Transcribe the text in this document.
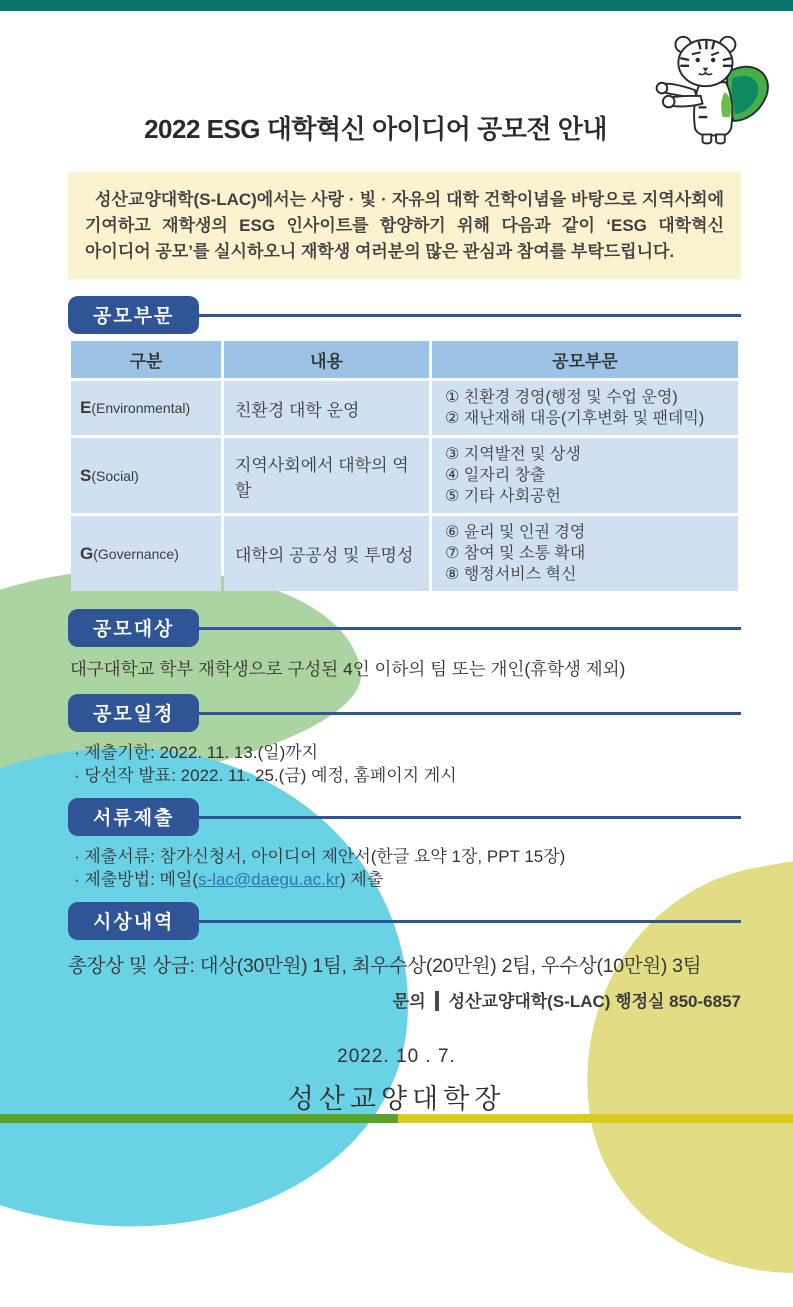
2022 ESG 대학혁신 아이디어 공모전 안내

성산교양대학(S-LAC)에서는 사랑 · 빛 · 자유의 대학 건학이념을 바탕으로 지역사회에 기여하고 재학생의 ESG 인사이트를 함양하기 위해 다음과 같이 ‘ESG 대학혁신 아이디어 공모’를 실시하오니 재학생 여러분의 많은 관심과 참여를 부탁드립니다.

공모부문
구분	내용	공모부문
E(Environmental)	친환경 대학 운영	① 친환경 경영(행정 및 수업 운영)
② 재난재해 대응(기후변화 및 팬데믹)

S(Social)	지역사회에서 대학의 역할	③ 지역발전 및 상생
④ 일자리 창출
⑤ 기타 사회공헌

G(Governance)	대학의 공공성 및 투명성	⑥ 윤리 및 인권 경영
⑦ 참여 및 소통 확대
⑧ 행정서비스 혁신
공모대상

대구대학교 학부 재학생으로 구성된 4인 이하의 팀 또는 개인(휴학생 제외)

공모일정
· 제출기한: 2022. 11. 13.(일)까지
· 당선작 발표: 2022. 11. 25.(금) 예정, 홈페이지 게시
서류제출
· 제출서류: 참가신청서, 아이디어 제안서(한글 요약 1장, PPT 15장)
· 제출방법: 메일(s-lac@daegu.ac.kr) 제출
시상내역

총장상 및 상금: 대상(30만원) 1팀, 최우수상(20만원) 2팀, 우수상(10만원) 3팀

문의 성산교양대학(S-LAC) 행정실 850-6857

2022. 10 . 7.
성산교양대학장
